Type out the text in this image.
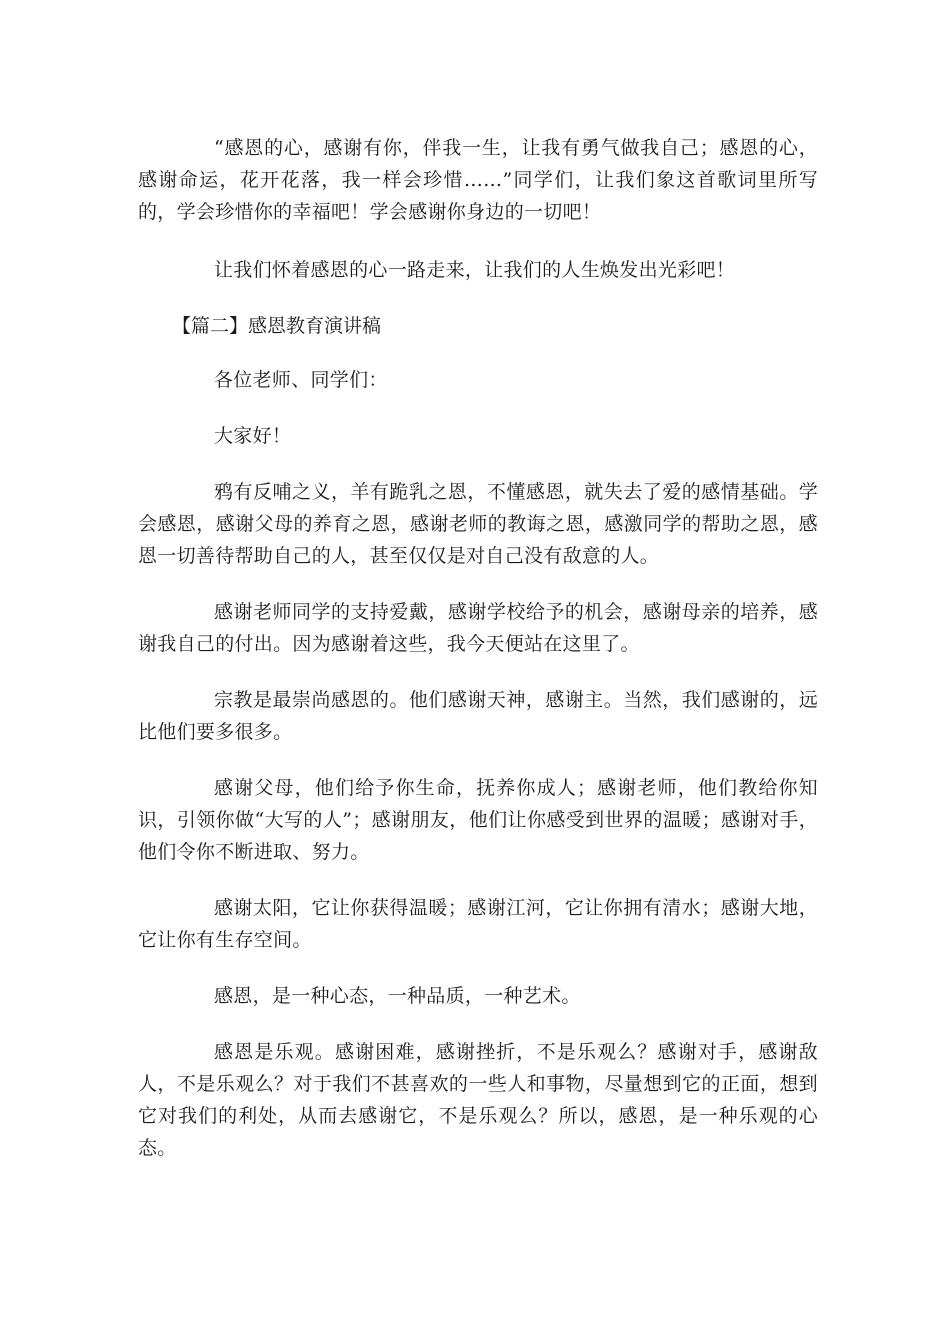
“感恩的心，感谢有你，伴我一生，让我有勇气做我自己；感恩的心，感谢命运，花开花落，我一样会珍惜……”同学们，让我们象这首歌词里所写的，学会珍惜你的幸福吧！学会感谢你身边的一切吧！

让我们怀着感恩的心一路走来，让我们的人生焕发出光彩吧！

【篇二】感恩教育演讲稿

各位老师、同学们：

大家好！

鸦有反哺之义，羊有跪乳之恩，不懂感恩，就失去了爱的感情基础。学会感恩，感谢父母的养育之恩，感谢老师的教诲之恩，感激同学的帮助之恩，感恩一切善待帮助自己的人，甚至仅仅是对自己没有敌意的人。

感谢老师同学的支持爱戴，感谢学校给予的机会，感谢母亲的培养，感谢我自己的付出。因为感谢着这些，我今天便站在这里了。

宗教是最崇尚感恩的。他们感谢天神，感谢主。当然，我们感谢的，远比他们要多很多。

感谢父母，他们给予你生命，抚养你成人；感谢老师，他们教给你知识，引领你做“大写的人”；感谢朋友，他们让你感受到世界的温暖；感谢对手，他们令你不断进取、努力。

感谢太阳，它让你获得温暖；感谢江河，它让你拥有清水；感谢大地，它让你有生存空间。

感恩，是一种心态，一种品质，一种艺术。

感恩是乐观。感谢困难，感谢挫折，不是乐观么？感谢对手，感谢敌人，不是乐观么？对于我们不甚喜欢的一些人和事物，尽量想到它的正面，想到它对我们的利处，从而去感谢它，不是乐观么？所以，感恩，是一种乐观的心态。
